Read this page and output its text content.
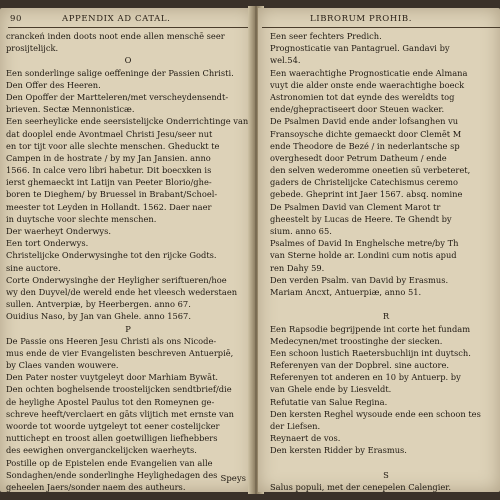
90	APPENDIX AD CATAL.
cranckeń inden doots noot ende allen menschē seer
prosijtelijck.
O
Een sonderlinge salige oeffeninge der Passien Christi.
Den Offer des Heeren.
Den Opoffer der Martteleren/met verscheydensendt-
brieven. Sectæ Mennonisticæ.
Een seerheylicke ende seersistelijcke Onderrichtinge van
dat dooplel ende Avontmael Christi Jesu/seer nut
en tor tijt voor alle slechte menschen. Gheduckt te
Campen in de hostrate / by my Jan Jansien. anno
1566. In calce vero libri habetur. Dit boecxken is
ierst ghemaeckt int Latijn van Peeter Blorio/ghe-
boren te Dieghem/ by Bruessel in Brabant/Schoel-
meester tot Leyden in Hollandt. 1562. Daer naer
in duytsche voor slechte menschen.
Der waerheyt Onderwys.
Een tort Onderwys.
Christelijcke Onderwysinghe tot den rijcke Godts.
sine auctore.
Corte Onderwysinghe der Heyligher seriftueren/hoe
wy den Duyvel/de wereld ende het vleesch wederstaen
sullen. Antverpiæ, by Heerbergen. anno 67.
Ouidius Naso, by Jan van Ghele. anno 1567.
P
De Passie ons Heeren Jesu Christi als ons Nicode-
mus ende de vier Evangelisten beschreven Antuerpiē,
by Claes vanden wouwere.
Den Pater noster vuytgeleyt door Marhiam Bywāt.
Den ochten boghelsende troostelijcken sendtbrief/die
de heylighe Apostel Paulus tot den Romeynen ge-
schreve heeft/verclaert en gāts vlijtich met ernste van
woorde tot woorde uytgeleyt tot eener costelijcker
nuttichept en troost allen goetwilligen liefhebbers
des eewighen onverganckelijcken waerheyts.
Postille op de Epistelen ende Evangelien van alle
Sondaghen/ende sonderlinghe Heylighedagen des
geheelen Jaers/sonder naem des autheurs.
Speys
LIBRORUM PROHIB.
Een seer fechters Predich.
Prognosticatie van Pantagruel. Gandavi by
wel.54.
Een waerachtighe Prognosticatie ende Almana
vuyt die alder onste ende waerachtighe boeck
Astronomien tot dat eynde des wereldts tog
ende/ghepractiseert door Steuen wacker.
De Psalmen David ende ander lofsanghen vu
Fransoysche dichte gemaeckt door Clemēt M
ende Theodore de Bezé / in nederlantsche sp
overghesedt door Petrum Datheum / ende
den selven wederomme oneetien sū verbeteret,
gaders de Christelijcke Catechismus ceremo
gebede. Gheprint int Jaer 1567. absq. nomine
De Psalmen David van Clement Marot tr
gheestelt by Lucas de Heere. Te Ghendt by
sium. anno 65.
Psalmes of David In Enghelsche metre/by Th
van Sterne holde ar. Londini cum notis apud
ren Dahy 59.
Den verden Psalm. van David by Erasmus.
Mariam Ancxt, Antuerpiæ, anno 51.
R
Een Rapsodie begrijpende int corte het fundam
Medecynen/met troostinghe der siecken.
Een schoon lustich Raetersbuchlijn int duytsch.
Referenyen van der Dopbrel. sine auctore.
Referenyen tot anderen en 10 by Antuerp. by
van Ghele ende by Liesveldt.
Refutatie van Salue Regina.
Den kersten Reghel wysoude ende een schoon tes
der Liefsen.
Reynaert de vos.
Den kersten Ridder by Erasmus.
S
Salus populi, met der cenepelen Calengier.
